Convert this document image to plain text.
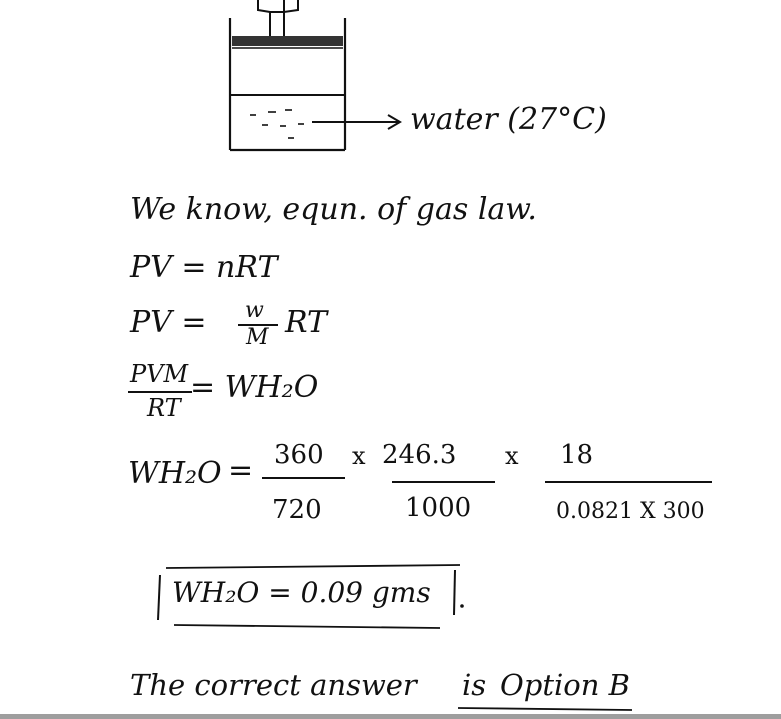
water (27°C)
We know, equn. of gas law.
PV = nRT
PV = w
M RT
PVM
RT
= WH₂O
WH₂O = 360 x 246.3 x 18
720	1000	0.0821 X 300
WH₂O = 0.09 gms
The correct answer is Option B
